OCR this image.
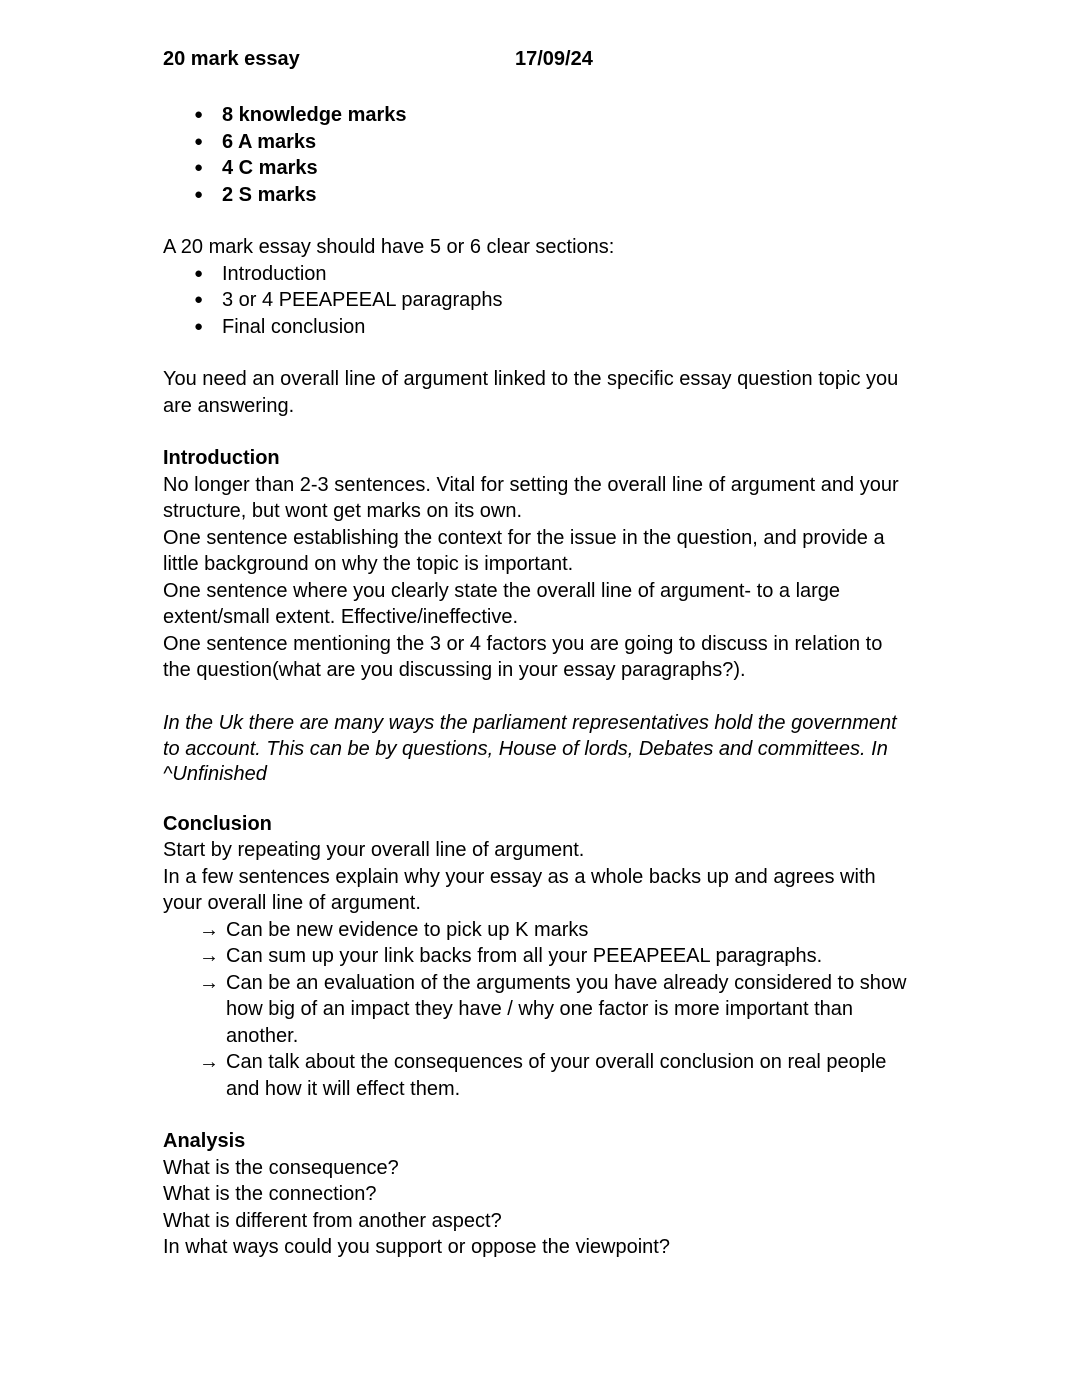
20 mark essay	17/09/24
● 8 knowledge marks
● 6 A marks
● 4 C marks
● 2 S marks

A 20 mark essay should have 5 or 6 clear sections:

● Introduction
● 3 or 4 PEEAPEEAL paragraphs
● Final conclusion

You need an overall line of argument linked to the specific essay question topic you are answering.

Introduction

No longer than 2-3 sentences. Vital for setting the overall line of argument and your structure, but wont get marks on its own.

One sentence establishing the context for the issue in the question, and provide a little background on why the topic is important.

One sentence where you clearly state the overall line of argument- to a large extent/small extent. Effective/ineffective.

One sentence mentioning the 3 or 4 factors you are going to discuss in relation to the question(what are you discussing in your essay paragraphs?).

In the Uk there are many ways the parliament representatives hold the government to account. This can be by questions, House of lords, Debates and committees. In
^Unfinished
Conclusion

Start by repeating your overall line of argument.

In a few sentences explain why your essay as a whole backs up and agrees with your overall line of argument.

→ Can be new evidence to pick up K marks
→ Can sum up your link backs from all your PEEAPEEAL paragraphs.
→ Can be an evaluation of the arguments you have already considered to show how big of an impact they have / why one factor is more important than another.
→ Can talk about the consequences of your overall conclusion on real people and how it will effect them.
Analysis

What is the consequence?

What is the connection?

What is different from another aspect?

In what ways could you support or oppose the viewpoint?
